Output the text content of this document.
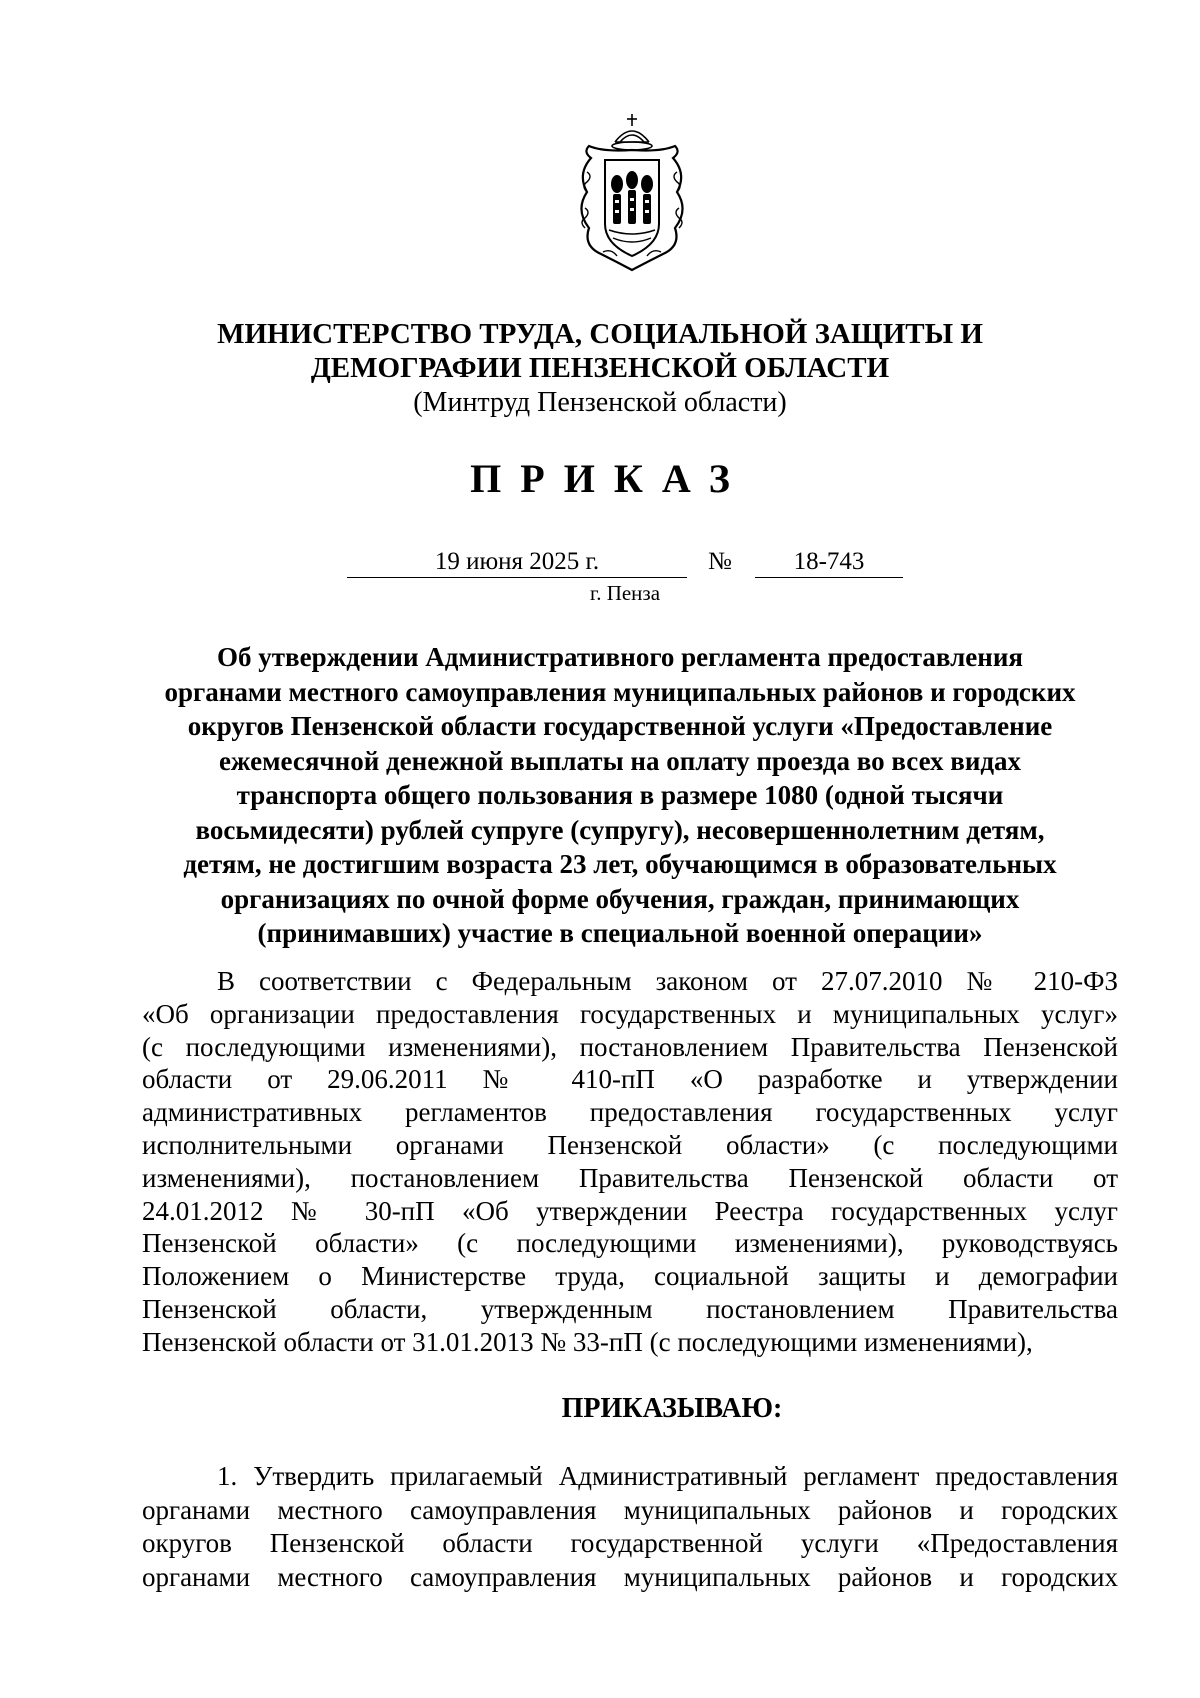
МИНИСТЕРСТВО ТРУДА, СОЦИАЛЬНОЙ ЗАЩИТЫ И
ДЕМОГРАФИИ ПЕНЗЕНСКОЙ ОБЛАСТИ
(Минтруд Пензенской области)
ПРИКАЗ
19 июня 2025 г.	№	18-743
г. Пенза
Об утверждении Административного регламента предоставления
органами местного самоуправления муниципальных районов и городских
округов Пензенской области государственной услуги «Предоставление
ежемесячной денежной выплаты на оплату проезда во всех видах
транспорта общего пользования в размере 1080 (одной тысячи
восьмидесяти) рублей супруге (супругу), несовершеннолетним детям,
детям, не достигшим возраста 23 лет, обучающимся в образовательных
организациях по очной форме обучения, граждан, принимающих
(принимавших) участие в специальной военной операции»
В соответствии с Федеральным законом от 27.07.2010 № 210-ФЗ
«Об организации предоставления государственных и муниципальных услуг»
(с последующими изменениями), постановлением Правительства Пензенской
области от 29.06.2011 № 410-пП «О разработке и утверждении
административных регламентов предоставления государственных услуг
исполнительными органами Пензенской области» (с последующими
изменениями), постановлением Правительства Пензенской области от
24.01.2012 № 30-пП «Об утверждении Реестра государственных услуг
Пензенской области» (с последующими изменениями), руководствуясь
Положением о Министерстве труда, социальной защиты и демографии
Пензенской области, утвержденным постановлением Правительства
Пензенской области от 31.01.2013 № 33-пП (с последующими изменениями),
ПРИКАЗЫВАЮ:
1. Утвердить прилагаемый Административный регламент предоставления
органами местного самоуправления муниципальных районов и городских
округов Пензенской области государственной услуги «Предоставления
органами местного самоуправления муниципальных районов и городских
